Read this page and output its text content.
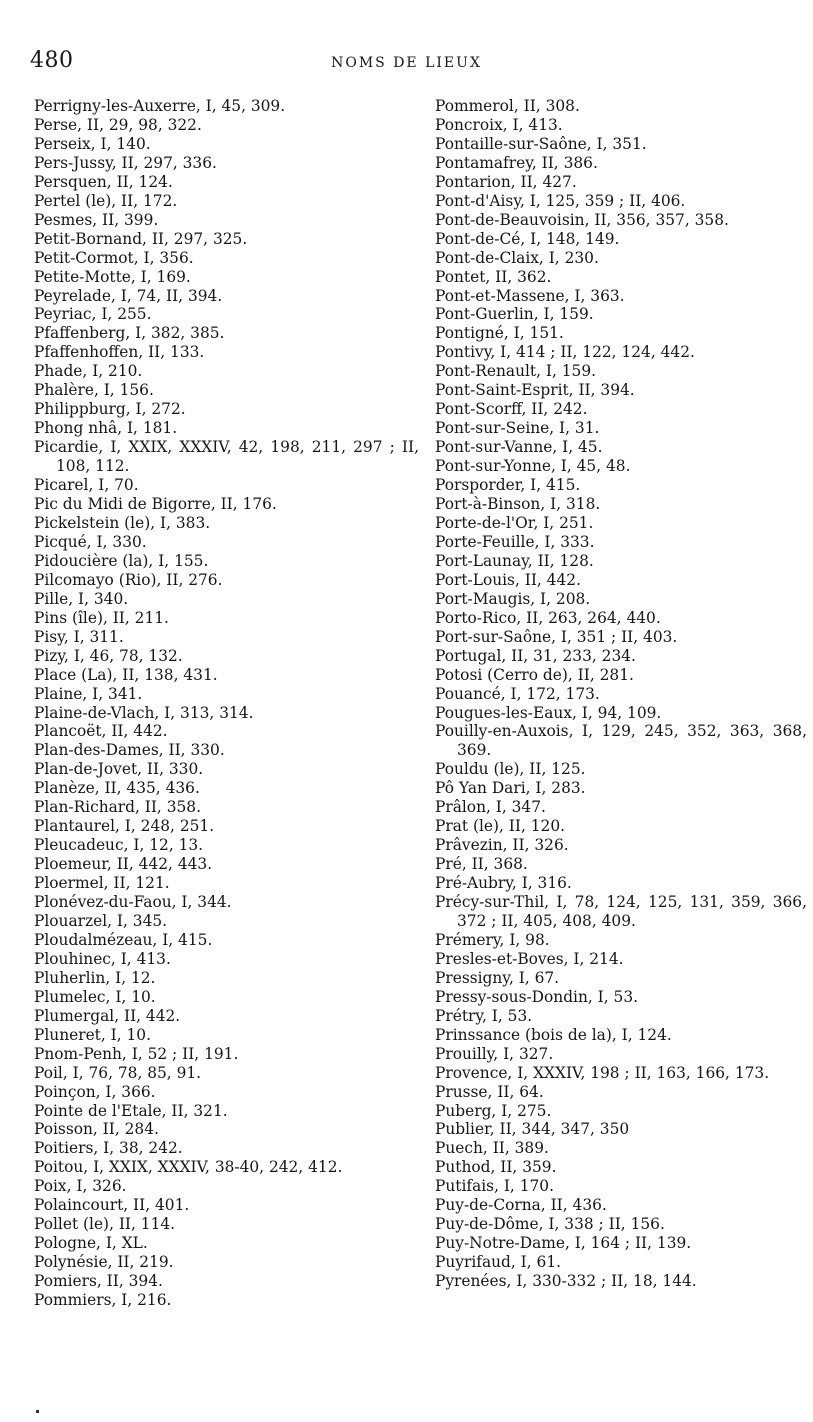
480	NOMS DE LIEUX
Perrigny-les-Auxerre, I, 45, 309.
Perse, II, 29, 98, 322.
Perseix, I, 140.
Pers-Jussy, II, 297, 336.
Persquen, II, 124.
Pertel (le), II, 172.
Pesmes, II, 399.
Petit-Bornand, II, 297, 325.
Petit-Cormot, I, 356.
Petite-Motte, I, 169.
Peyrelade, I, 74, II, 394.
Peyriac, I, 255.
Pfaffenberg, I, 382, 385.
Pfaffenhoffen, II, 133.
Phade, I, 210.
Phalère, I, 156.
Philippburg, I, 272.
Phong nhâ, I, 181.
Picardie, I, XXIX, XXXIV, 42, 198, 211, 297 ; II, 108, 112.
Picarel, I, 70.
Pic du Midi de Bigorre, II, 176.
Pickelstein (le), I, 383.
Picqué, I, 330.
Pidoucière (la), I, 155.
Pilcomayo (Rio), II, 276.
Pille, I, 340.
Pins (île), II, 211.
Pisy, I, 311.
Pizy, I, 46, 78, 132.
Place (La), II, 138, 431.
Plaine, I, 341.
Plaine-de-Vlach, I, 313, 314.
Plancoët, II, 442.
Plan-des-Dames, II, 330.
Plan-de-Jovet, II, 330.
Planèze, II, 435, 436.
Plan-Richard, II, 358.
Plantaurel, I, 248, 251.
Pleucadeuc, I, 12, 13.
Ploemeur, II, 442, 443.
Ploermel, II, 121.
Plonévez-du-Faou, I, 344.
Plouarzel, I, 345.
Ploudalmézeau, I, 415.
Plouhinec, I, 413.
Pluherlin, I, 12.
Plumelec, I, 10.
Plumergal, II, 442.
Pluneret, I, 10.
Pnom-Penh, I, 52 ; II, 191.
Poil, I, 76, 78, 85, 91.
Poinçon, I, 366.
Pointe de l'Etale, II, 321.
Poisson, II, 284.
Poitiers, I, 38, 242.
Poitou, I, XXIX, XXXIV, 38-40, 242, 412.
Poix, I, 326.
Polaincourt, II, 401.
Pollet (le), II, 114.
Pologne, I, XL.
Polynésie, II, 219.
Pomiers, II, 394.
Pommiers, I, 216.
Pommerol, II, 308.
Poncroix, I, 413.
Pontaille-sur-Saône, I, 351.
Pontamafrey, II, 386.
Pontarion, II, 427.
Pont-d'Aisy, I, 125, 359 ; II, 406.
Pont-de-Beauvoisin, II, 356, 357, 358.
Pont-de-Cé, I, 148, 149.
Pont-de-Claix, I, 230.
Pontet, II, 362.
Pont-et-Massene, I, 363.
Pont-Guerlin, I, 159.
Pontigné, I, 151.
Pontivy, I, 414 ; II, 122, 124, 442.
Pont-Renault, I, 159.
Pont-Saint-Esprit, II, 394.
Pont-Scorff, II, 242.
Pont-sur-Seine, I, 31.
Pont-sur-Vanne, I, 45.
Pont-sur-Yonne, I, 45, 48.
Porsporder, I, 415.
Port-à-Binson, I, 318.
Porte-de-l'Or, I, 251.
Porte-Feuille, I, 333.
Port-Launay, II, 128.
Port-Louis, II, 442.
Port-Maugis, I, 208.
Porto-Rico, II, 263, 264, 440.
Port-sur-Saône, I, 351 ; II, 403.
Portugal, II, 31, 233, 234.
Potosi (Cerro de), II, 281.
Pouancé, I, 172, 173.
Pougues-les-Eaux, I, 94, 109.
Pouilly-en-Auxois, I, 129, 245, 352, 363, 368, 369.
Pouldu (le), II, 125.
Pô Yan Dari, I, 283.
Prâlon, I, 347.
Prat (le), II, 120.
Prâvezin, II, 326.
Pré, II, 368.
Pré-Aubry, I, 316.
Précy-sur-Thil, I, 78, 124, 125, 131, 359, 366, 372 ; II, 405, 408, 409.
Prémery, I, 98.
Presles-et-Boves, I, 214.
Pressigny, I, 67.
Pressy-sous-Dondin, I, 53.
Prétry, I, 53.
Prinssance (bois de la), I, 124.
Prouilly, I, 327.
Provence, I, XXXIV, 198 ; II, 163, 166, 173.
Prusse, II, 64.
Puberg, I, 275.
Publier, II, 344, 347, 350
Puech, II, 389.
Puthod, II, 359.
Putifais, I, 170.
Puy-de-Corna, II, 436.
Puy-de-Dôme, I, 338 ; II, 156.
Puy-Notre-Dame, I, 164 ; II, 139.
Puyrifaud, I, 61.
Pyrenées, I, 330-332 ; II, 18, 144.
